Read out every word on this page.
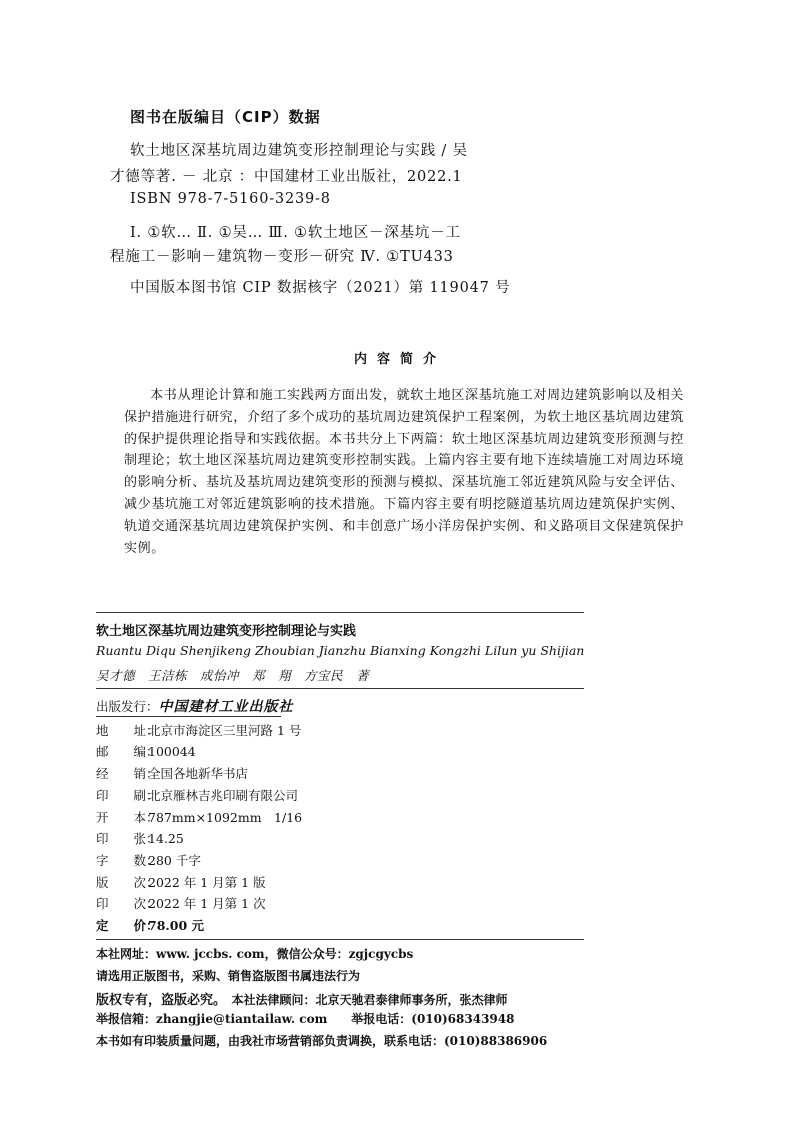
图书在版编目（CIP）数据
软土地区深基坑周边建筑变形控制理论与实践 / 吴
才德等著. － 北京 ：中国建材工业出版社，2022.1
ISBN 978-7-5160-3239-8
Ⅰ. ①软… Ⅱ. ①吴… Ⅲ. ①软土地区－深基坑－工
程施工－影响－建筑物－变形－研究 Ⅳ. ①TU433
中国版本图书馆 CIP 数据核字（2021）第 119047 号
内容简介
本书从理论计算和施工实践两方面出发，就软土地区深基坑施工对周边建筑影响以及相关保护措施进行研究，介绍了多个成功的基坑周边建筑保护工程案例，为软土地区基坑周边建筑的保护提供理论指导和实践依据。本书共分上下两篇：软土地区深基坑周边建筑变形预测与控制理论；软土地区深基坑周边建筑变形控制实践。上篇内容主要有地下连续墙施工对周边环境的影响分析、基坑及基坑周边建筑变形的预测与模拟、深基坑施工邻近建筑风险与安全评估、减少基坑施工对邻近建筑影响的技术措施。下篇内容主要有明挖隧道基坑周边建筑保护实例、轨道交通深基坑周边建筑保护实例、和丰创意广场小洋房保护实例、和义路项目文保建筑保护实例。
软土地区深基坑周边建筑变形控制理论与实践
Ruantu Diqu Shenjikeng Zhoubian Jianzhu Bianxing Kongzhi Lilun yu Shijian
吴才德　王洁栋　成怡冲　郑　翔　方宝民　著
出版发行：中国建材工业出版社
地　　址：北京市海淀区三里河路 1 号
邮　　编：100044
经　　销：全国各地新华书店
印　　刷：北京雁林吉兆印刷有限公司
开　　本：787mm×1092mm　1/16
印　　张：14.25
字　　数：280 千字
版　　次：2022 年 1 月第 1 版
印　　次：2022 年 1 月第 1 次
定　　价：78.00 元
本社网址：www. jccbs. com，微信公众号：zgjcgycbs
请选用正版图书，采购、销售盗版图书属违法行为
版权专有，盗版必究。　 本社法律顾问：北京天驰君泰律师事务所，张杰律师
举报信箱：zhangjie@tiantailaw. com　　举报电话：(010)68343948
本书如有印装质量问题，由我社市场营销部负责调换，联系电话：(010)88386906
